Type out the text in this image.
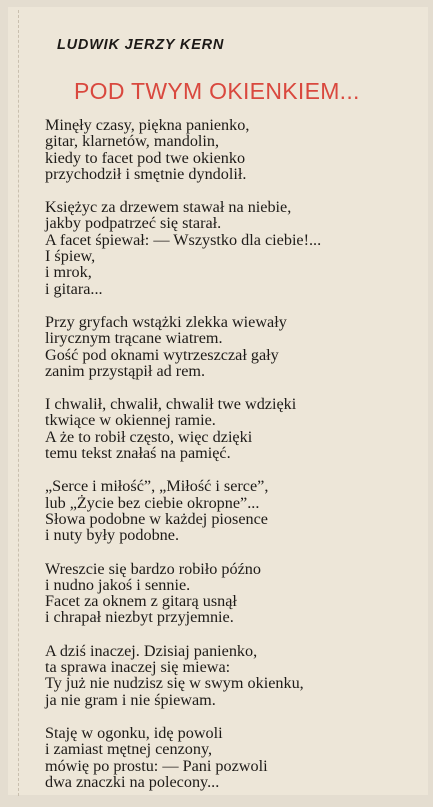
LUDWIK JERZY KERN
POD TWYM OKIENKIEM...
Minęły czasy, piękna panienko,
gitar, klarnetów, mandolin,
kiedy to facet pod twe okienko
przychodził i smętnie dyndolił.
Księżyc za drzewem stawał na niebie,
jakby podpatrzeć się starał.
A facet śpiewał: — Wszystko dla ciebie!...
I śpiew,
i mrok,
i gitara...
Przy gryfach wstążki zlekka wiewały
lirycznym trącane wiatrem.
Gość pod oknami wytrzeszczał gały
zanim przystąpił ad rem.
I chwalił, chwalił, chwalił twe wdzięki
tkwiące w okiennej ramie.
A że to robił często, więc dzięki
temu tekst znałaś na pamięć.
„Serce i miłość”, „Miłość i serce”,
lub „Życie bez ciebie okropne”...
Słowa podobne w każdej piosence
i nuty były podobne.
Wreszcie się bardzo robiło późno
i nudno jakoś i sennie.
Facet za oknem z gitarą usnął
i chrapał niezbyt przyjemnie.
A dziś inaczej. Dzisiaj panienko,
ta sprawa inaczej się miewa:
Ty już nie nudzisz się w swym okienku,
ja nie gram i nie śpiewam.
Staję w ogonku, idę powoli
i zamiast mętnej cenzony,
mówię po prostu: — Pani pozwoli
dwa znaczki na polecony...
